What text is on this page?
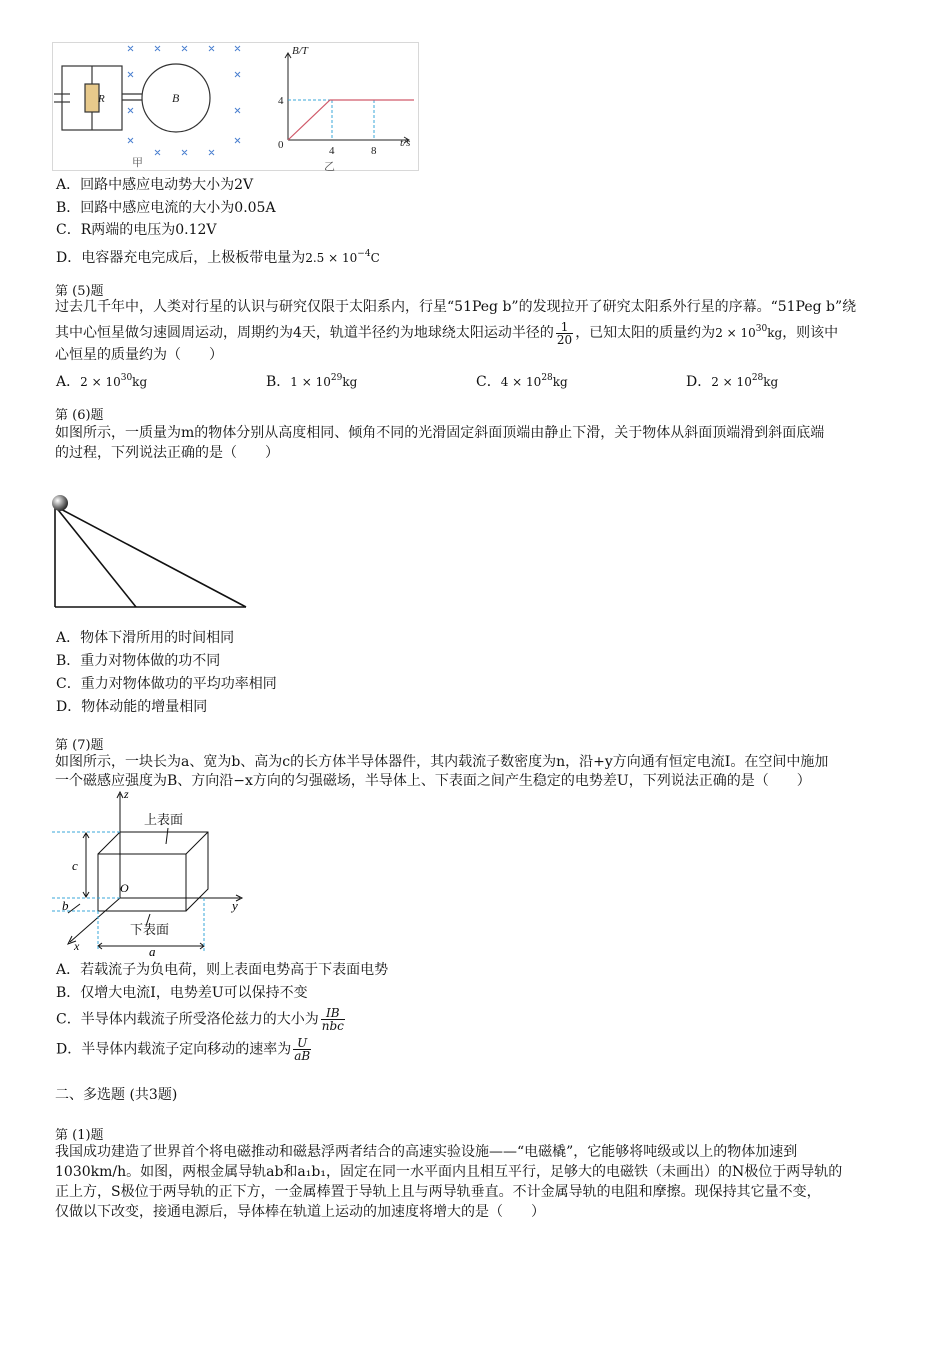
R	B
甲
B/T
t/s
0
4
4	8
乙
A．回路中感应电动势大小为2V
B．回路中感应电流的大小为0.05A
C．R两端的电压为0.12V
D．电容器充电完成后，上极板带电量为$2.5 \times 10^{-4}C$
第 (5)题
过去几千年中，人类对行星的认识与研究仅限于太阳系内，行星“51Peg b”的发现拉开了研究太阳系外行星的序幕。“51Peg b”绕
其中心恒星做匀速圆周运动，周期约为4天，轨道半径约为地球绕太阳运动半径的 $\frac{1}{20}$ ，已知太阳的质量约为$2 \times 10^{30}kg$，则该中
心恒星的质量约为（　　）
A．$2 \times 10^{30}kg$	B．$1 \times 10^{29}kg$	C．$4 \times 10^{28}kg$	D．$2 \times 10^{28}kg$
第 (6)题
如图所示，一质量为m的物体分别从高度相同、倾角不同的光滑固定斜面顶端由静止下滑，关于物体从斜面顶端滑到斜面底端
的过程，下列说法正确的是（　　）
A．物体下滑所用的时间相同
B．重力对物体做的功不同
C．重力对物体做功的平均功率相同
D．物体动能的增量相同
第 (7)题
如图所示，一块长为a、宽为b、高为c的长方体半导体器件，其内载流子数密度为n，沿+y方向通有恒定电流I。在空间中施加
一个磁感应强度为B、方向沿−x方向的匀强磁场，半导体上、下表面之间产生稳定的电势差U，下列说法正确的是（　　）
上表面
下表面
z
y
x
O
c
b
a
A．若载流子为负电荷，则上表面电势高于下表面电势
B．仅增大电流I，电势差U可以保持不变
C．半导体内载流子所受洛伦兹力的大小为 $\frac{IB}{\text{nbc}}$
D．半导体内载流子定向移动的速率为 $\frac{U}{aB}$
二、多选题 (共3题)
第 (1)题
我国成功建造了世界首个将电磁推动和磁悬浮两者结合的高速实验设施——“电磁橇”，它能够将吨级或以上的物体加速到
1030km/h。如图，两根金属导轨ab和a₁b₁，固定在同一水平面内且相互平行，足够大的电磁铁（未画出）的N极位于两导轨的
正上方，S极位于两导轨的正下方，一金属棒置于导轨上且与两导轨垂直。不计金属导轨的电阻和摩擦。现保持其它量不变，
仅做以下改变，接通电源后，导体棒在轨道上运动的加速度将增大的是（　　）
